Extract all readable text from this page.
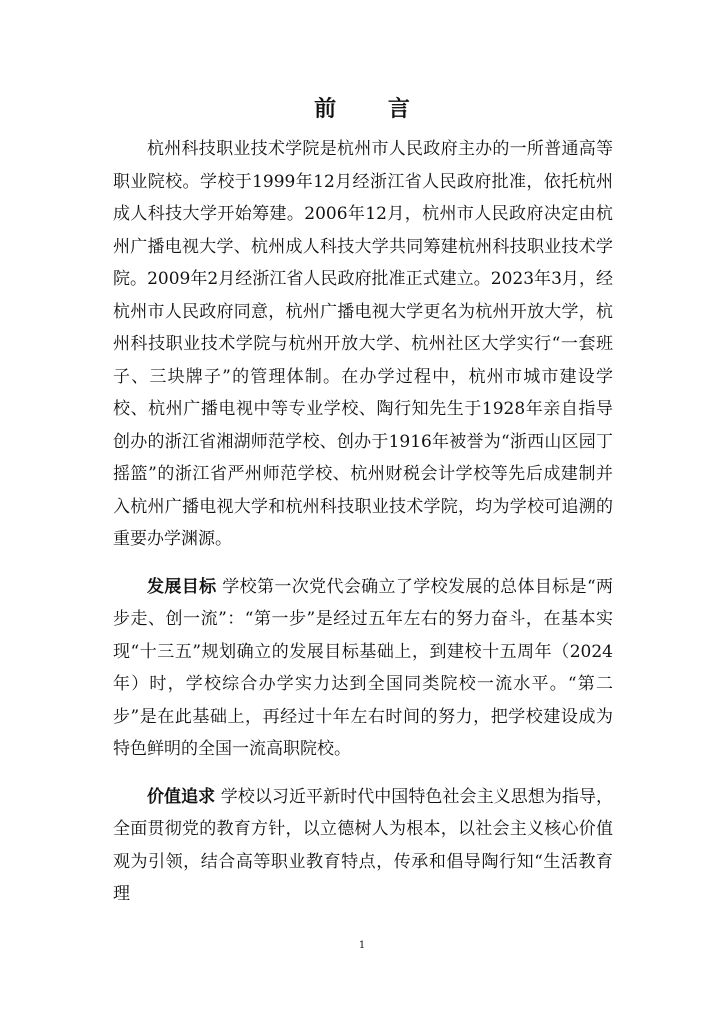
前 言

杭州科技职业技术学院是杭州市人民政府主办的一所普通高等职业院校。学校于1999年12月经浙江省人民政府批准，依托杭州成人科技大学开始筹建。2006年12月，杭州市人民政府决定由杭州广播电视大学、杭州成人科技大学共同筹建杭州科技职业技术学院。2009年2月经浙江省人民政府批准正式建立。2023年3月，经杭州市人民政府同意，杭州广播电视大学更名为杭州开放大学，杭州科技职业技术学院与杭州开放大学、杭州社区大学实行“一套班子、三块牌子”的管理体制。在办学过程中，杭州市城市建设学校、杭州广播电视中等专业学校、陶行知先生于1928年亲自指导创办的浙江省湘湖师范学校、创办于1916年被誉为“浙西山区园丁摇篮”的浙江省严州师范学校、杭州财税会计学校等先后成建制并入杭州广播电视大学和杭州科技职业技术学院，均为学校可追溯的重要办学渊源。

发展目标 学校第一次党代会确立了学校发展的总体目标是“两步走、创一流”：“第一步”是经过五年左右的努力奋斗，在基本实现“十三五”规划确立的发展目标基础上，到建校十五周年（2024年）时，学校综合办学实力达到全国同类院校一流水平。“第二步”是在此基础上，再经过十年左右时间的努力，把学校建设成为特色鲜明的全国一流高职院校。

价值追求 学校以习近平新时代中国特色社会主义思想为指导，全面贯彻党的教育方针，以立德树人为根本，以社会主义核心价值观为引领，结合高等职业教育特点，传承和倡导陶行知“生活教育理

1
